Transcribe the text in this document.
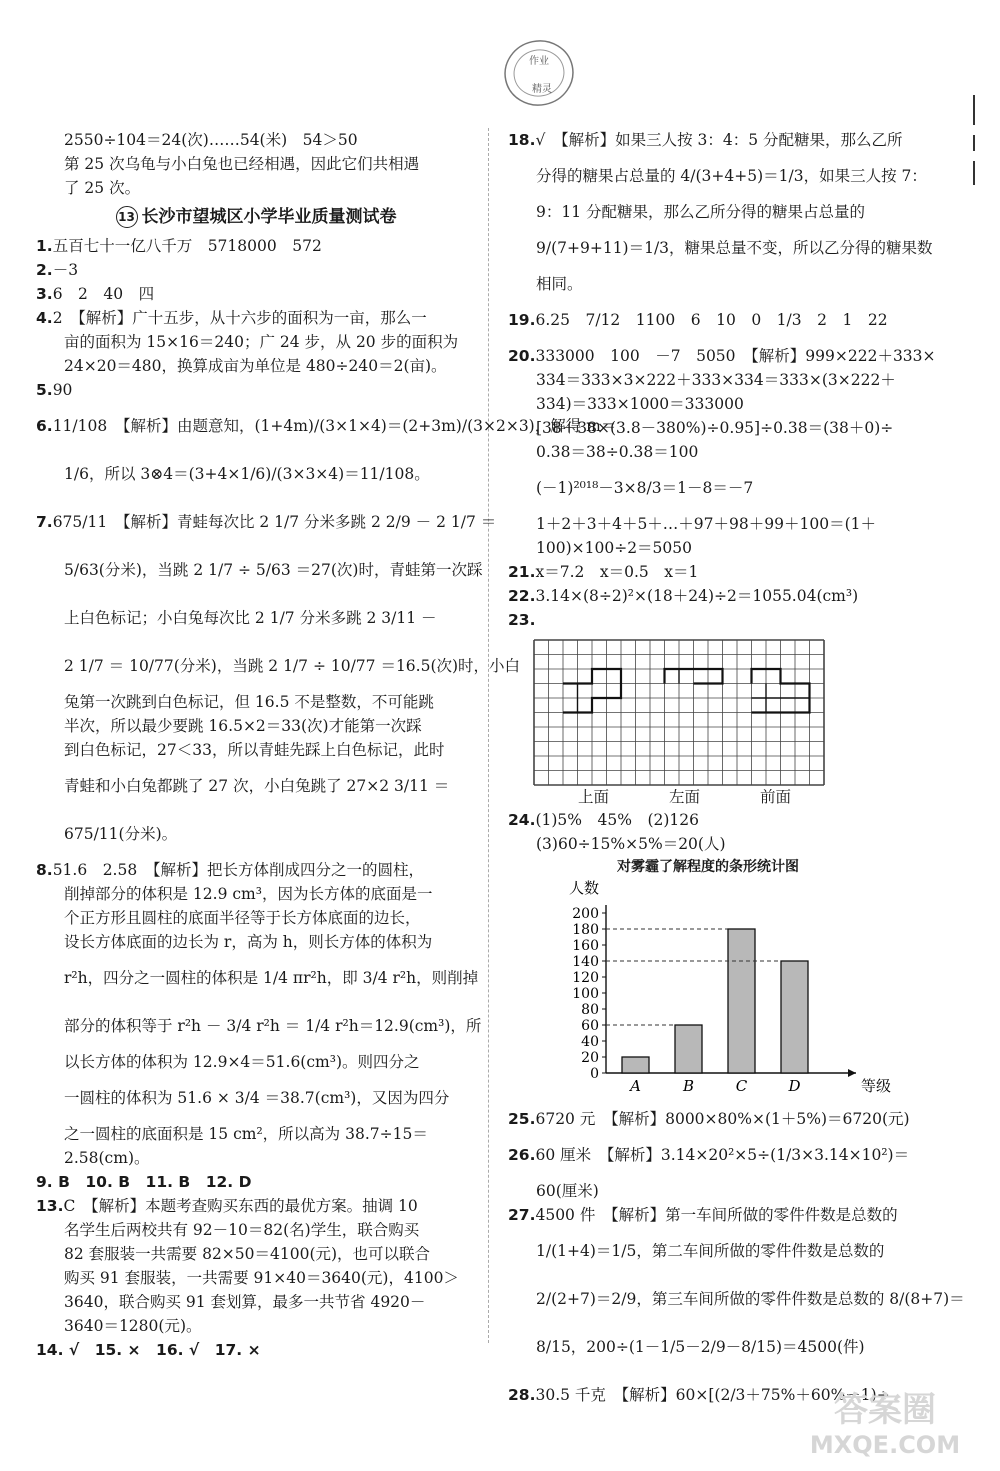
作业
精灵
2550÷104＝24(次)……54(米)　54＞50
第 25 次乌龟与小白兔也已经相遇，因此它们共相遇
了 25 次。
13 长沙市望城区小学毕业质量测试卷
1.五百七十一亿八千万　5718000　572
2.－3
3.6　2　40　四
4.2　【解析】广十五步，从十六步的面积为一亩，那么一
亩的面积为 15×16＝240；广 24 步，从 20 步的面积为
24×20＝480，换算成亩为单位是 480÷240＝2(亩)。
5.90
6.11/108　【解析】由题意知，(1+4m)/(3×1×4)＝(2+3m)/(3×2×3)，解得 m＝
1/6，所以 3⊗4＝(3+4×1/6)/(3×3×4)＝11/108。
7.675/11　【解析】青蛙每次比 2 1/7 分米多跳 2 2/9 － 2 1/7 ＝
5/63(分米)，当跳 2 1/7 ÷ 5/63 ＝27(次)时，青蛙第一次踩
上白色标记；小白兔每次比 2 1/7 分米多跳 2 3/11 －
2 1/7 ＝ 10/77(分米)，当跳 2 1/7 ÷ 10/77 ＝16.5(次)时，小白
兔第一次跳到白色标记，但 16.5 不是整数，不可能跳
半次，所以最少要跳 16.5×2＝33(次)才能第一次踩
到白色标记，27＜33，所以青蛙先踩上白色标记，此时
青蛙和小白兔都跳了 27 次，小白兔跳了 27×2 3/11 ＝
675/11(分米)。
8.51.6　2.58　【解析】把长方体削成四分之一的圆柱，
削掉部分的体积是 12.9 cm³，因为长方体的底面是一
个正方形且圆柱的底面半径等于长方体底面的边长，
设长方体底面的边长为 r，高为 h，则长方体的体积为
r²h，四分之一圆柱的体积是 1/4 πr²h，即 3/4 r²h，则削掉
部分的体积等于 r²h － 3/4 r²h ＝ 1/4 r²h＝12.9(cm³)，所
以长方体的体积为 12.9×4＝51.6(cm³)。则四分之
一圆柱的体积为 51.6 × 3/4 ＝38.7(cm³)，又因为四分
之一圆柱的底面积是 15 cm²，所以高为 38.7÷15＝
2.58(cm)。
9. B　10. B　11. B　12. D
13.C　【解析】本题考查购买东西的最优方案。抽调 10
名学生后两校共有 92－10＝82(名)学生，联合购买
82 套服装一共需要 82×50＝4100(元)，也可以联合
购买 91 套服装，一共需要 91×40＝3640(元)，4100＞
3640，联合购买 91 套划算，最多一共节省 4920－
3640＝1280(元)。
14. √　15. ×　16. √　17. ×
18.√　【解析】如果三人按 3：4：5 分配糖果，那么乙所
分得的糖果占总量的 4/(3+4+5)＝1/3，如果三人按 7：
9：11 分配糖果，那么乙所分得的糖果占总量的
9/(7+9+11)＝1/3，糖果总量不变，所以乙分得的糖果数
相同。
19.6.25　7/12　1100　6　10　0　1/3　2　1　22
20.333000　100　－7　5050　【解析】999×222＋333×
334＝333×3×222＋333×334＝333×(3×222＋
334)＝333×1000＝333000
[38＋38×(3.8－380%)÷0.95]÷0.38＝(38＋0)÷
0.38＝38÷0.38＝100
(－1)²⁰¹⁸－3×8/3＝1－8＝－7
1＋2＋3＋4＋5＋…＋97＋98＋99＋100＝(1＋
100)×100÷2＝5050
21.x＝7.2　x＝0.5　x＝1
22.3.14×(8÷2)²×(18＋24)÷2＝1055.04(cm³)
23.
上面	左面	前面
24.(1)5%　45%　(2)126
(3)60÷15%×5%＝20(人)
对雾霾了解程度的条形统计图
0
20
40
60
80
100
120
140
160
180
200
人数
等级
A	B	C	D
25.6720 元　【解析】8000×80%×(1＋5%)＝6720(元)
26.60 厘米　【解析】3.14×20²×5÷(1/3×3.14×10²)＝
60(厘米)
27.4500 件　【解析】第一车间所做的零件件数是总数的
1/(1+4)＝1/5，第二车间所做的零件件数是总数的
2/(2+7)＝2/9，第三车间所做的零件件数是总数的 8/(8+7)＝
8/15，200÷(1－1/5－2/9－8/15)＝4500(件)
28.30.5 千克　【解析】60×[(2/3＋75%＋60%－1)÷
答案圈
MXQE.COM
